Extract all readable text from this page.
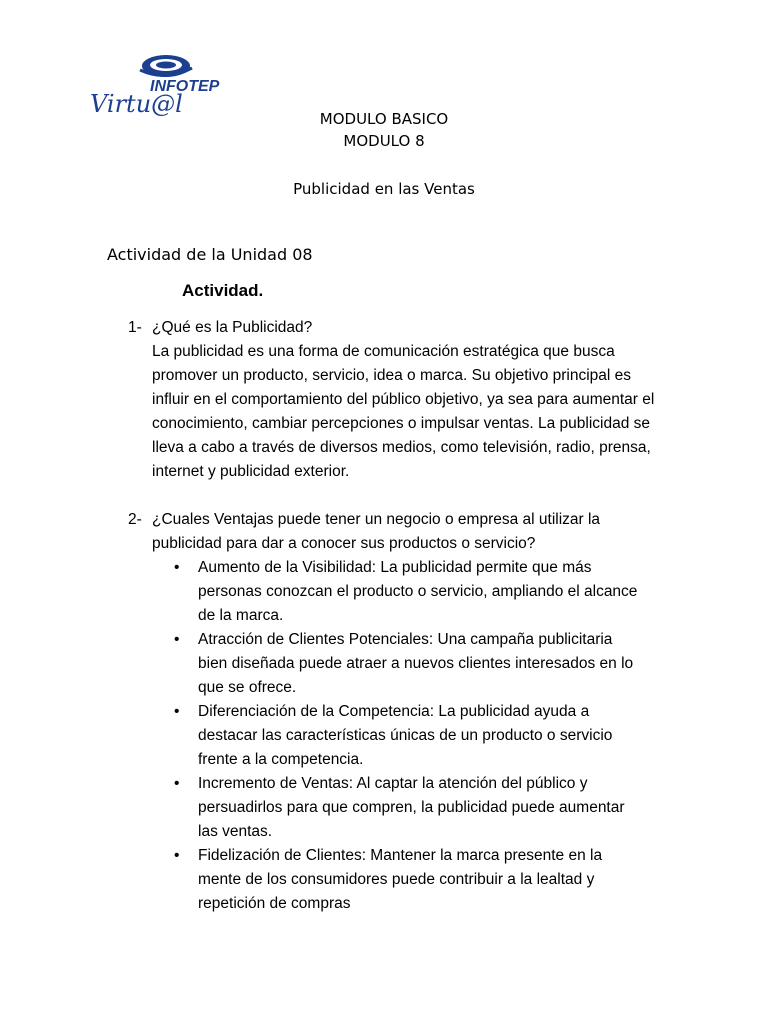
INFOTEP
Virtu@l
MODULO BASICO
MODULO 8
Publicidad en las Ventas
Actividad de la Unidad 08
Actividad.
1- ¿Qué es la Publicidad?
La publicidad es una forma de comunicación estratégica que busca promover un producto, servicio, idea o marca. Su objetivo principal es influir en el comportamiento del público objetivo, ya sea para aumentar el conocimiento, cambiar percepciones o impulsar ventas. La publicidad se lleva a cabo a través de diversos medios, como televisión, radio, prensa, internet y publicidad exterior.
2- ¿Cuales Ventajas puede tener un negocio o empresa al utilizar la publicidad para dar a conocer sus productos o servicio?
•	Aumento de la Visibilidad: La publicidad permite que más personas conozcan el producto o servicio, ampliando el alcance de la marca.
•	Atracción de Clientes Potenciales: Una campaña publicitaria bien diseñada puede atraer a nuevos clientes interesados en lo que se ofrece.
•	Diferenciación de la Competencia: La publicidad ayuda a destacar las características únicas de un producto o servicio frente a la competencia.
•	Incremento de Ventas: Al captar la atención del público y persuadirlos para que compren, la publicidad puede aumentar las ventas.
•	Fidelización de Clientes: Mantener la marca presente en la mente de los consumidores puede contribuir a la lealtad y repetición de compras
